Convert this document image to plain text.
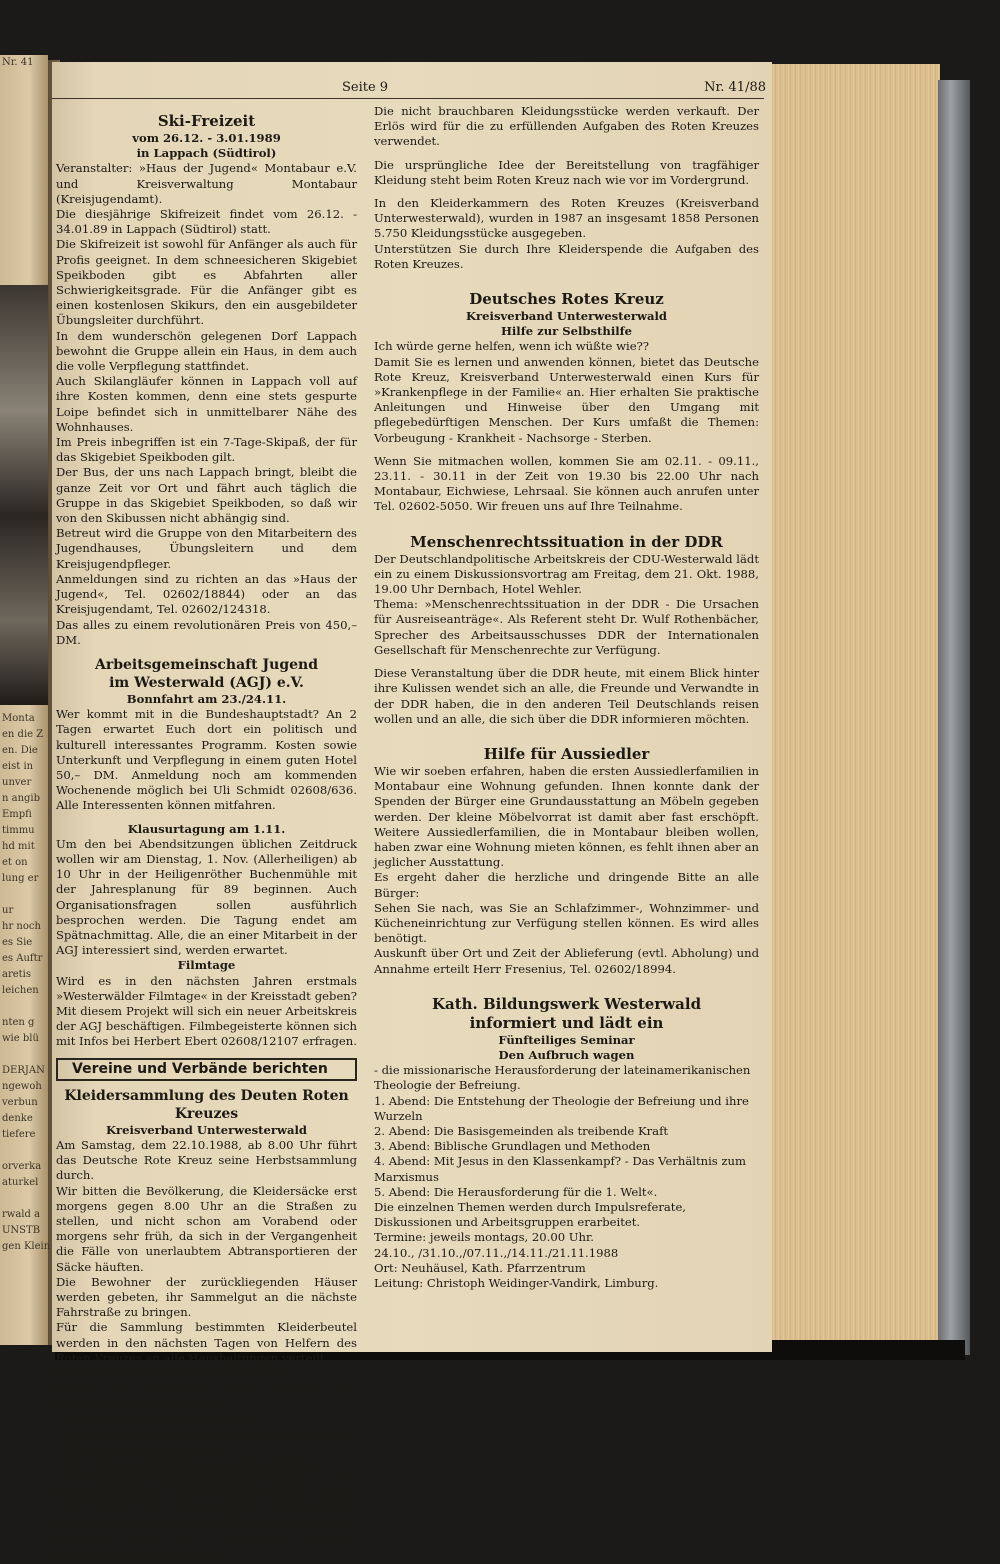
Nr. 41

Monta
en die Z
en. Die
eist in
unver
n angib
Empfi
timmu
hd mit
et on
lung er

ur
hr noch
es Sie
es Auftr
aretis
leichen

nten g
wie blü

DERJAN
ngewoh
verbun
denke
tiefere

orverka
aturkel

rwald a
UNSTB
gen Klein
Seite 9	Nr. 41/88
Ski-Freizeit
vom 26.12. - 3.01.1989
in Lappach (Südtirol)
Veranstalter: »Haus der Jugend« Montabaur e.V. und Kreisverwaltung Montabaur (Kreisjugendamt).
Die diesjährige Skifreizeit findet vom 26.12. - 34.01.89 in Lappach (Südtirol) statt.
Die Skifreizeit ist sowohl für Anfänger als auch für Profis geeignet. In dem schneesicheren Skigebiet Speikboden gibt es Abfahrten aller Schwierigkeitsgrade. Für die Anfänger gibt es einen kostenlosen Skikurs, den ein ausgebildeter Übungsleiter durchführt.
In dem wunderschön gelegenen Dorf Lappach bewohnt die Gruppe allein ein Haus, in dem auch die volle Verpflegung stattfindet.
Auch Skilangläufer können in Lappach voll auf ihre Kosten kommen, denn eine stets gespurte Loipe befindet sich in unmittelbarer Nähe des Wohnhauses.
Im Preis inbegriffen ist ein 7-Tage-Skipaß, der für das Skigebiet Speikboden gilt.
Der Bus, der uns nach Lappach bringt, bleibt die ganze Zeit vor Ort und fährt auch täglich die Gruppe in das Skigebiet Speikboden, so daß wir von den Skibussen nicht abhängig sind.
Betreut wird die Gruppe von den Mitarbeitern des Jugendhauses, Übungsleitern und dem Kreisjugendpfleger.
Anmeldungen sind zu richten an das »Haus der Jugend«, Tel. 02602/18844) oder an das Kreisjugendamt, Tel. 02602/124318.
Das alles zu einem revolutionären Preis von 450,– DM.
Arbeitsgemeinschaft Jugend
im Westerwald (AGJ) e.V.
Bonnfahrt am 23./24.11.
Wer kommt mit in die Bundeshauptstadt? An 2 Tagen erwartet Euch dort ein politisch und kulturell interessantes Programm. Kosten sowie Unterkunft und Verpflegung in einem guten Hotel 50,– DM. Anmeldung noch am kommenden Wochenende möglich bei Uli Schmidt 02608/636. Alle Interessenten können mitfahren.
Klausurtagung am 1.11.
Um den bei Abendsitzungen üblichen Zeitdruck wollen wir am Dienstag, 1. Nov. (Allerheiligen) ab 10 Uhr in der Heiligenröther Buchenmühle mit der Jahresplanung für 89 beginnen. Auch Organisationsfragen sollen ausführlich besprochen werden. Die Tagung endet am Spätnachmittag. Alle, die an einer Mitarbeit in der AGJ interessiert sind, werden erwartet.
Filmtage
Wird es in den nächsten Jahren erstmals »Westerwälder Filmtage« in der Kreisstadt geben? Mit diesem Projekt will sich ein neuer Arbeitskreis der AGJ beschäftigen. Filmbegeisterte können sich mit Infos bei Herbert Ebert 02608/12107 erfragen.
Vereine und Verbände berichten
Kleidersammlung des Deuten Roten Kreuzes
Kreisverband Unterwesterwald
Am Samstag, dem 22.10.1988, ab 8.00 Uhr führt das Deutsche Rote Kreuz seine Herbstsammlung durch.
Wir bitten die Bevölkerung, die Kleidersäcke erst morgens gegen 8.00 Uhr an die Straßen zu stellen, und nicht schon am Vorabend oder morgens sehr früh, da sich in der Vergangenheit die Fälle von unerlaubtem Abtransportieren der Säcke häuften.
Die Bewohner der zurückliegenden Häuser werden gebeten, ihr Sammelgut an die nächste Fahrstraße zu bringen.
Für die Sammlung bestimmten Kleiderbeutel werden in den nächsten Tagen von Helfern des Roten Kreuzes an alle Haushaltungen verteilt.
Es werden Textilien aller Art gesammelt:
Achten Sie aber bitte darauf, daß in den Rotkreuzsammelsack nicht:
- Öl- und ölverschmutzte Kleidung
- Schnitt- und andere Textilabfälle, einzelne oder völlig verschlissene Schuhe
- verschlissene Bekleidung aus Kunststoffen
Die erhaltenen Bekleidungsstücke kommen in die Katastrophenlager des Deutschen Roten Kreuzes und werden bei Katastrophen verteilt. Auch werden die Kleiderkammern des Roten Kreuzes aufgefüllt und an bedürftige Personen Kleidungsstücke ausgegeben.
Die nicht brauchbaren Kleidungsstücke werden verkauft. Der Erlös wird für die zu erfüllenden Aufgaben des Roten Kreuzes verwendet.
Die ursprüngliche Idee der Bereitstellung von tragfähiger Kleidung steht beim Roten Kreuz nach wie vor im Vordergrund.
In den Kleiderkammern des Roten Kreuzes (Kreisverband Unterwesterwald), wurden in 1987 an insgesamt 1858 Personen 5.750 Kleidungsstücke ausgegeben.
Unterstützen Sie durch Ihre Kleiderspende die Aufgaben des Roten Kreuzes.
Deutsches Rotes Kreuz
Kreisverband Unterwesterwald
Hilfe zur Selbsthilfe
Ich würde gerne helfen, wenn ich wüßte wie??
Damit Sie es lernen und anwenden können, bietet das Deutsche Rote Kreuz, Kreisverband Unterwesterwald einen Kurs für »Krankenpflege in der Familie« an. Hier erhalten Sie praktische Anleitungen und Hinweise über den Umgang mit pflegebedürftigen Menschen. Der Kurs umfaßt die Themen: Vorbeugung - Krankheit - Nachsorge - Sterben.
Wenn Sie mitmachen wollen, kommen Sie am 02.11. - 09.11., 23.11. - 30.11 in der Zeit von 19.30 bis 22.00 Uhr nach Montabaur, Eichwiese, Lehrsaal. Sie können auch anrufen unter Tel. 02602-5050. Wir freuen uns auf Ihre Teilnahme.
Menschenrechtssituation in der DDR
Der Deutschlandpolitische Arbeitskreis der CDU-Westerwald lädt ein zu einem Diskussionsvortrag am Freitag, dem 21. Okt. 1988, 19.00 Uhr Dernbach, Hotel Wehler.
Thema: »Menschenrechtssituation in der DDR - Die Ursachen für Ausreiseanträge«. Als Referent steht Dr. Wulf Rothenbächer, Sprecher des Arbeitsausschusses DDR der Internationalen Gesellschaft für Menschenrechte zur Verfügung.
Diese Veranstaltung über die DDR heute, mit einem Blick hinter ihre Kulissen wendet sich an alle, die Freunde und Verwandte in der DDR haben, die in den anderen Teil Deutschlands reisen wollen und an alle, die sich über die DDR informieren möchten.
Hilfe für Aussiedler
Wie wir soeben erfahren, haben die ersten Aussiedlerfamilien in Montabaur eine Wohnung gefunden. Ihnen konnte dank der Spenden der Bürger eine Grundausstattung an Möbeln gegeben werden. Der kleine Möbelvorrat ist damit aber fast erschöpft. Weitere Aussiedlerfamilien, die in Montabaur bleiben wollen, haben zwar eine Wohnung mieten können, es fehlt ihnen aber an jeglicher Ausstattung.
Es ergeht daher die herzliche und dringende Bitte an alle Bürger:
Sehen Sie nach, was Sie an Schlafzimmer-, Wohnzimmer- und Kücheneinrichtung zur Verfügung stellen können. Es wird alles benötigt.
Auskunft über Ort und Zeit der Ablieferung (evtl. Abholung) und Annahme erteilt Herr Fresenius, Tel. 02602/18994.
Kath. Bildungswerk Westerwald
informiert und lädt ein
Fünfteiliges Seminar
Den Aufbruch wagen
- die missionarische Herausforderung der lateinamerikanischen Theologie der Befreiung.
1. Abend: Die Entstehung der Theologie der Befreiung und ihre Wurzeln
2. Abend: Die Basisgemeinden als treibende Kraft
3. Abend: Biblische Grundlagen und Methoden
4. Abend: Mit Jesus in den Klassenkampf? - Das Verhältnis zum Marxismus
5. Abend: Die Herausforderung für die 1. Welt«.
Die einzelnen Themen werden durch Impulsreferate, Diskussionen und Arbeitsgruppen erarbeitet.
Termine: jeweils montags, 20.00 Uhr.
24.10., /31.10.,/07.11.,/14.11./21.11.1988
Ort: Neuhäusel, Kath. Pfarrzentrum
Leitung: Christoph Weidinger-Vandirk, Limburg.
